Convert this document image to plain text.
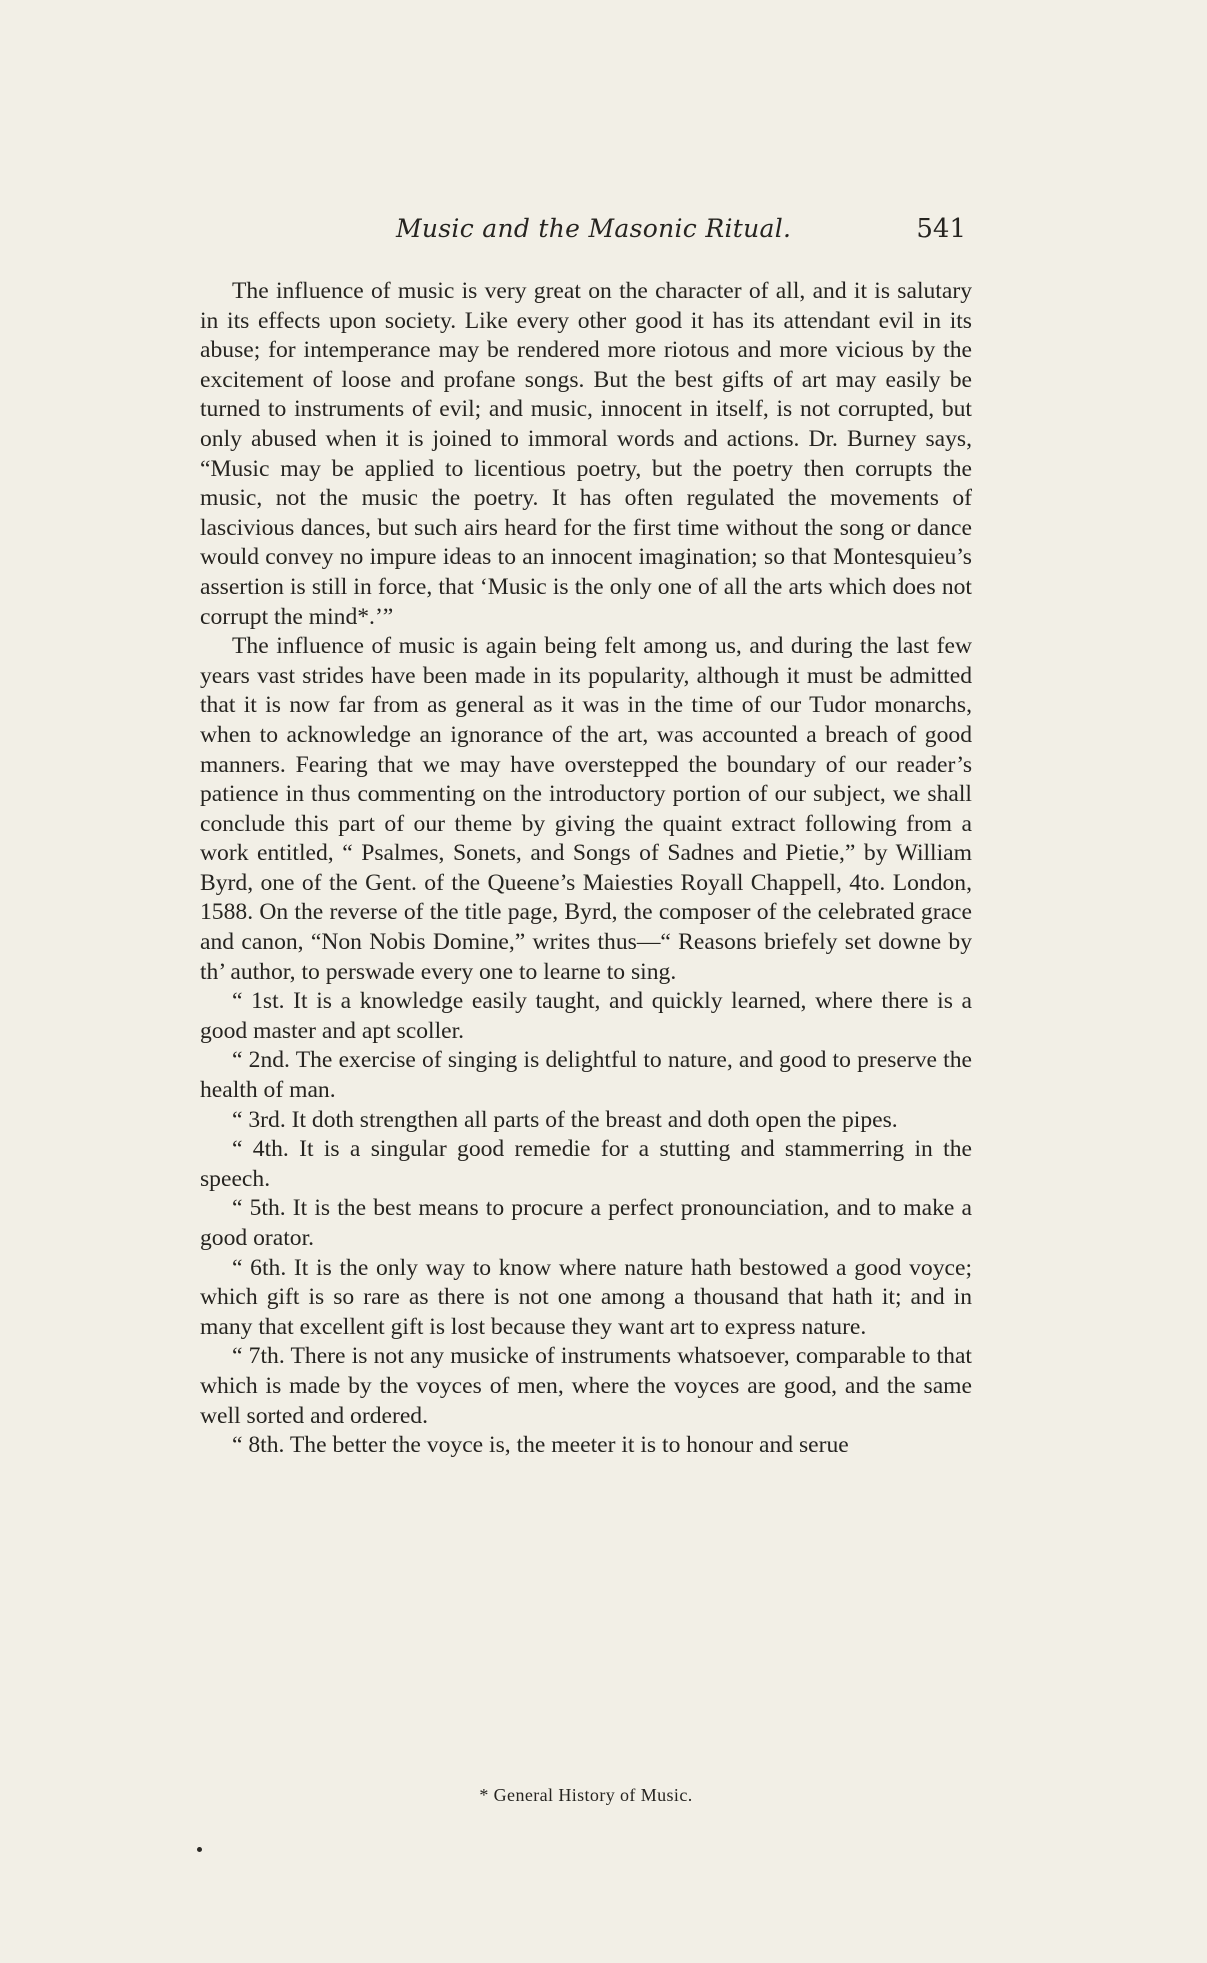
Music and the Masonic Ritual.	541

The influence of music is very great on the character of all, and it is salutary in its effects upon society. Like every other good it has its attendant evil in its abuse; for intemperance may be rendered more riotous and more vicious by the excitement of loose and profane songs. But the best gifts of art may easily be turned to instruments of evil; and music, innocent in itself, is not corrupted, but only abused when it is joined to immoral words and actions. Dr. Burney says, “Music may be applied to licentious poetry, but the poetry then corrupts the music, not the music the poetry. It has often regulated the movements of lascivious dances, but such airs heard for the first time without the song or dance would convey no impure ideas to an innocent imagination; so that Montesquieu’s assertion is still in force, that ‘Music is the only one of all the arts which does not corrupt the mind*.’”

The influence of music is again being felt among us, and during the last few years vast strides have been made in its popularity, although it must be admitted that it is now far from as general as it was in the time of our Tudor monarchs, when to acknowledge an ignorance of the art, was accounted a breach of good manners. Fearing that we may have overstepped the boundary of our reader’s patience in thus commenting on the introductory portion of our subject, we shall conclude this part of our theme by giving the quaint extract following from a work entitled, “ Psalmes, Sonets, and Songs of Sadnes and Pietie,” by William Byrd, one of the Gent. of the Queene’s Maiesties Royall Chappell, 4to. London, 1588. On the reverse of the title page, Byrd, the composer of the celebrated grace and canon, “Non Nobis Domine,” writes thus—“ Reasons briefely set downe by th’ author, to perswade every one to learne to sing.

“ 1st. It is a knowledge easily taught, and quickly learned, where there is a good master and apt scoller.

“ 2nd. The exercise of singing is delightful to nature, and good to preserve the health of man.

“ 3rd. It doth strengthen all parts of the breast and doth open the pipes.

“ 4th. It is a singular good remedie for a stutting and stammerring in the speech.

“ 5th. It is the best means to procure a perfect pronounciation, and to make a good orator.

“ 6th. It is the only way to know where nature hath bestowed a good voyce; which gift is so rare as there is not one among a thousand that hath it; and in many that excellent gift is lost because they want art to express nature.

“ 7th. There is not any musicke of instruments whatsoever, comparable to that which is made by the voyces of men, where the voyces are good, and the same well sorted and ordered.

“ 8th. The better the voyce is, the meeter it is to honour and serue

* General History of Music.
